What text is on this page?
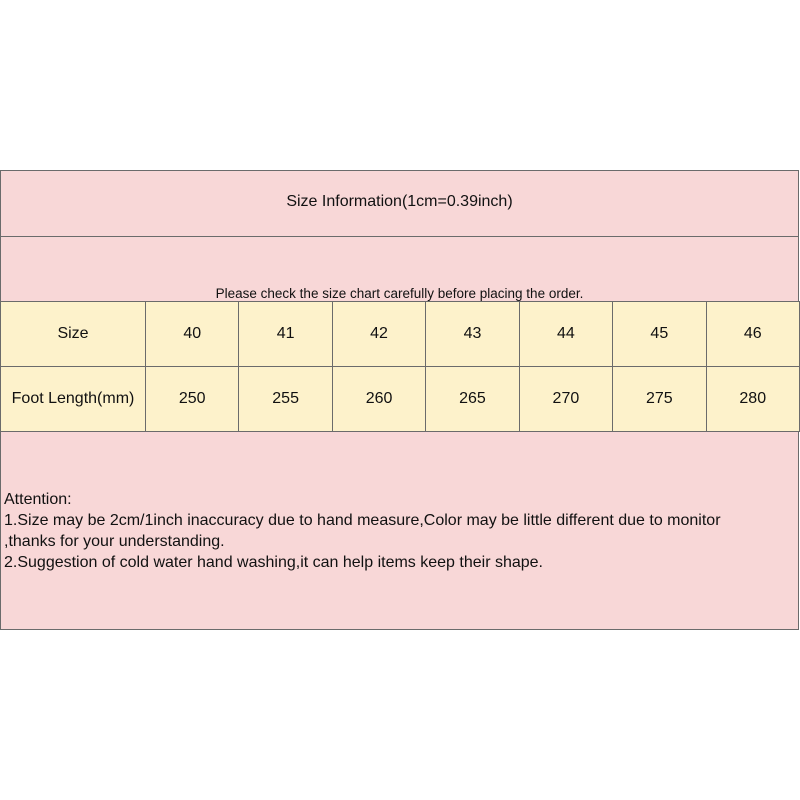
Size Information(1cm=0.39inch)
Please check the size chart carefully before placing the order.
Size	40	41	42	43	44	45	46
Foot Length(mm)	250	255	260	265	270	275	280
Attention:
1.Size may be 2cm/1inch inaccuracy due to hand measure,Color may be little different due to monitor
,thanks for your understanding.
2.Suggestion of cold water hand washing,it can help items keep their shape.
